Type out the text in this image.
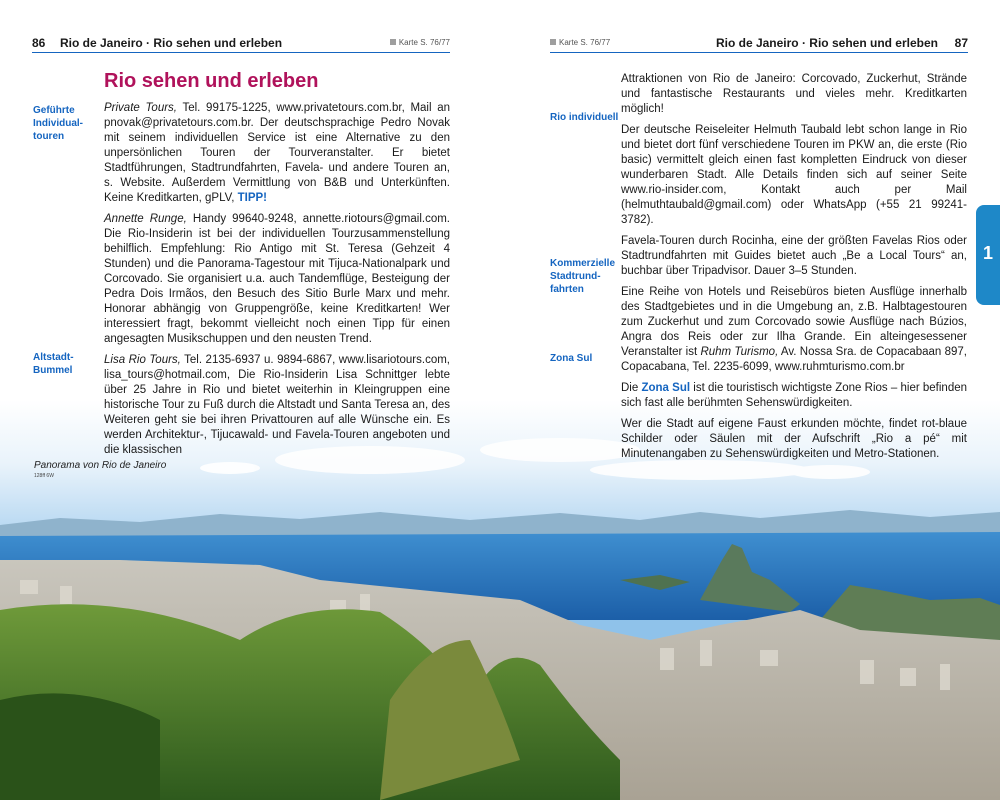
86 Rio de Janeiro · Rio sehen und erleben	Karte S. 76/77	Karte S. 76/77	Rio de Janeiro · Rio sehen und erleben 87
Rio sehen und erleben
Geführte
Individual-
touren
Altstadt-
Bummel
Rio individuell
Kommerzielle
Stadtrund-
fahrten
Zona Sul

Private Tours, Tel. 99175-1225, www.privatetours.com.br, Mail an pnovak@privatetours.com.br. Der deutschsprachige Pedro Novak mit seinem individuellen Service ist eine Alternative zu den unpersönlichen Touren der Tourveranstalter. Er bietet Stadtführungen, Stadtrundfahrten, Favela- und andere Touren an, s. Website. Außerdem Vermittlung von B&B und Unterkünften. Keine Kreditkarten, gPLV, TIPP!

Annette Runge, Handy 99640-9248, annette.riotours@gmail.com. Die Rio-Insiderin ist bei der individuellen Tourzusammenstellung behilflich. Empfehlung: Rio Antigo mit St. Teresa (Gehzeit 4 Stunden) und die Panorama-Tagestour mit Tijuca-Nationalpark und Corcovado. Sie organisiert u.a. auch Tandemflüge, Besteigung der Pedra Dois Irmãos, den Besuch des Sitio Burle Marx und mehr. Honorar abhängig von Gruppengröße, keine Kreditkarten! Wer interessiert fragt, bekommt vielleicht noch einen Tipp für einen angesagten Musikschuppen und den neusten Trend.

Lisa Rio Tours, Tel. 2135-6937 u. 9894-6867, www.lisariotours.com, lisa_tours@hotmail.com, Die Rio-Insiderin Lisa Schnittger lebte über 25 Jahre in Rio und bietet weiterhin in Kleingruppen eine historische Tour zu Fuß durch die Altstadt und Santa Teresa an, des Weiteren geht sie bei ihren Privattouren auf alle Wünsche ein. Es werden Architektur-, Tijucawald- und Favela-Touren angeboten und die klassischen

Attraktionen von Rio de Janeiro: Corcovado, Zuckerhut, Strände und fantastische Restaurants und vieles mehr. Kreditkarten möglich!

Der deutsche Reiseleiter Helmuth Taubald lebt schon lange in Rio und bietet dort fünf verschiedene Touren im PKW an, die erste (Rio basic) vermittelt gleich einen fast kompletten Eindruck von dieser wunderbaren Stadt. Alle Details finden sich auf seiner Seite www.rio-insider.com, Kontakt auch per Mail (helmuthtaubald@gmail.com) oder WhatsApp (+55 21 99241-3782).

Favela-Touren durch Rocinha, eine der größten Favelas Rios oder Stadtrundfahrten mit Guides bietet auch „Be a Local Tours“ an, buchbar über Tripadvisor. Dauer 3–5 Stunden.

Eine Reihe von Hotels und Reisebüros bieten Ausflüge innerhalb des Stadtgebietes und in die Umgebung an, z.B. Halbtagestouren zum Zuckerhut und zum Corcovado sowie Ausflüge nach Búzios, Angra dos Reis oder zur Ilha Grande. Ein alteingesessener Veranstalter ist Ruhm Turismo, Av. Nossa Sra. de Copacabaan 897, Copacabana, Tel. 2235-6099, www.ruhmturismo.com.br

Die Zona Sul ist die touristisch wichtigste Zone Rios – hier befinden sich fast alle berühmten Sehenswürdigkeiten.

Wer die Stadt auf eigene Faust erkunden möchte, findet rot-blaue Schilder oder Säulen mit der Aufschrift „Rio a pé“ mit Minutenangaben zu Sehenswürdigkeiten und Metro-Stationen.

Panorama von Rio de Janeiro
128ff 6W
1
